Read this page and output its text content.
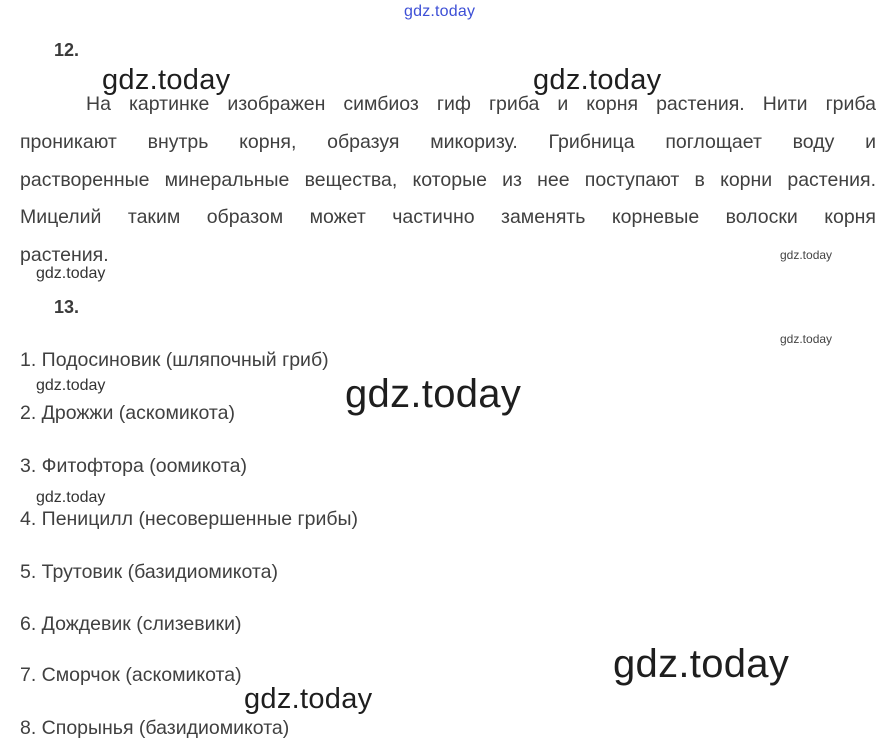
gdz.today
12.
gdz.today	gdz.today
На картинке изображен симбиоз гиф гриба и корня растения. Нити гриба
проникают внутрь корня, образуя микоризу. Грибница поглощает воду и
растворенные минеральные вещества, которые из нее поступают в корни растения.
Мицелий таким образом может частично заменять корневые волоски корня
растения.
gdz.today
gdz.today
13.
gdz.today
1. Подосиновик (шляпочный гриб)
gdz.today	gdz.today
2. Дрожжи (аскомикота)
3. Фитофтора (оомикота)
gdz.today
4. Пеницилл (несовершенные грибы)
5. Трутовик (базидиомикота)
6. Дождевик (слизевики)
gdz.today
7. Сморчок (аскомикота)
gdz.today
8. Спорынья (базидиомикота)
